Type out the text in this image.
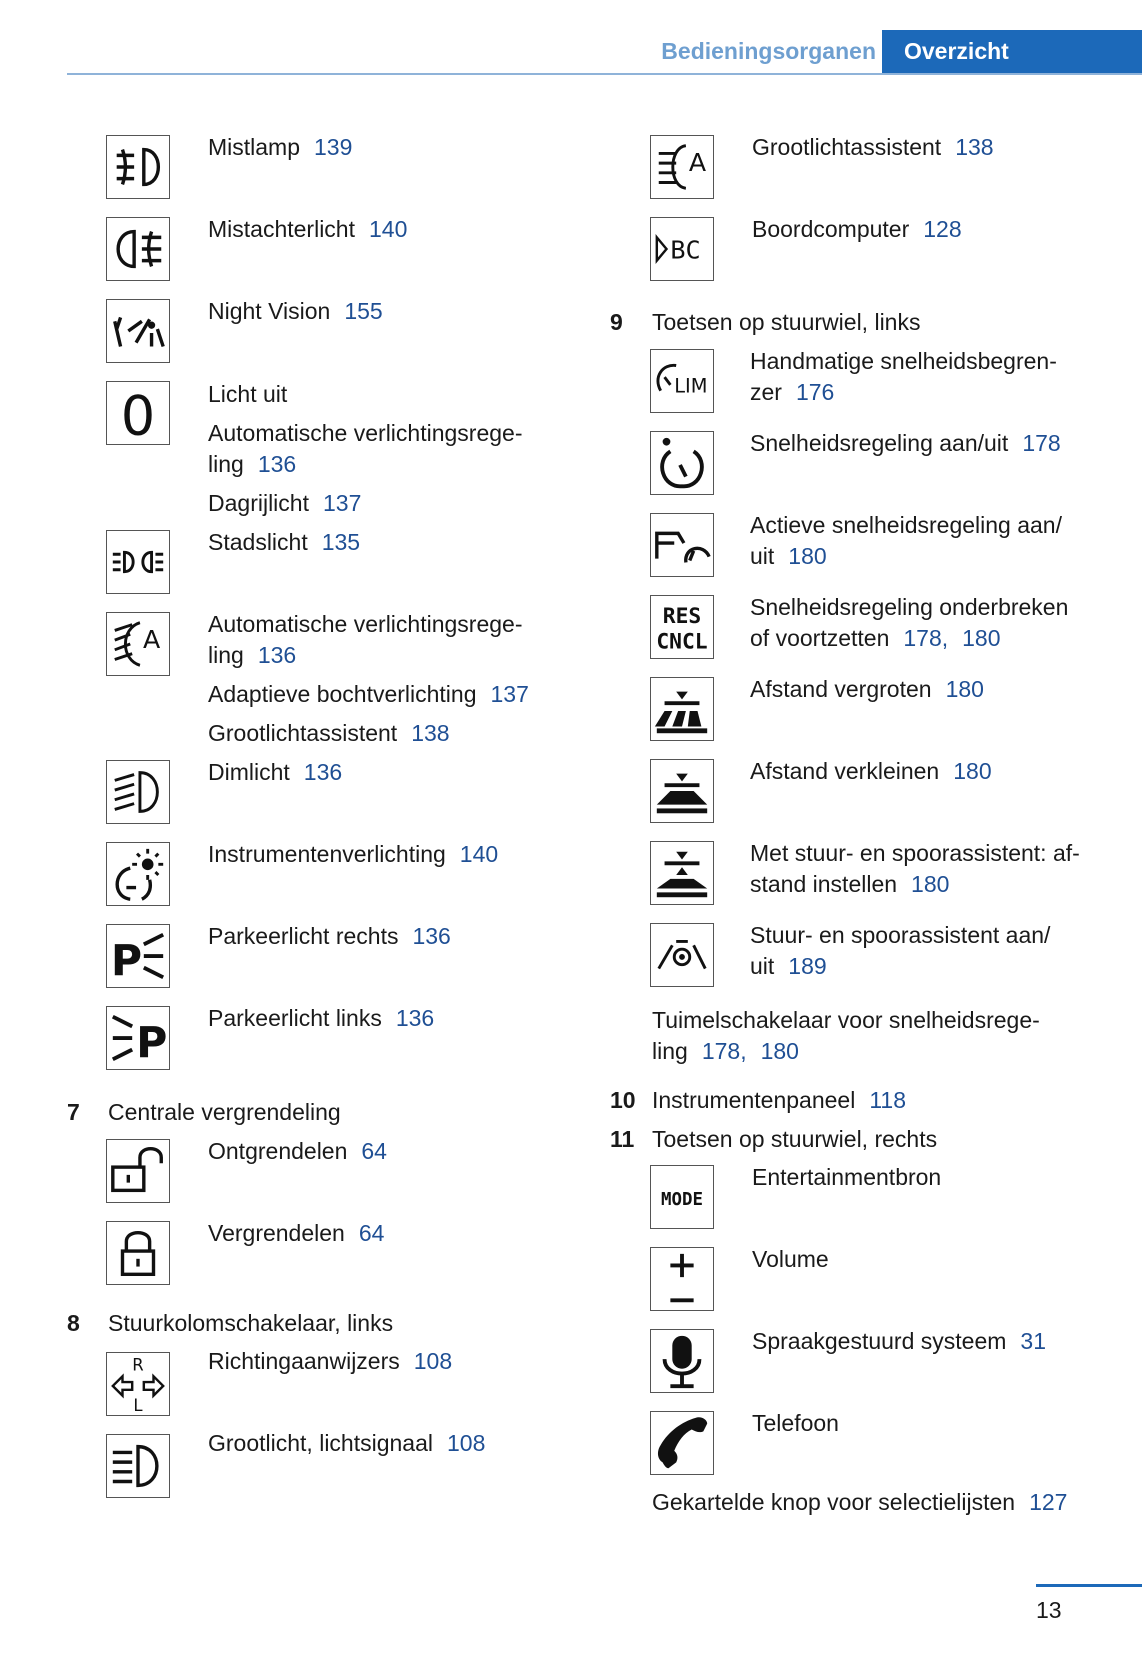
Bedieningsorganen Overzicht
Mistlamp 139
Mistachterlicht 140
Night Vision 155
0 Licht uit
Automatische verlichtingsrege-
ling 136
Dagrijlicht 137
Stadslicht 135
A
Automatische verlichtingsrege-
ling 136
Adaptieve bochtverlichting 137
Grootlichtassistent 138
Dimlicht 136
Instrumentenverlichting 140
P
Parkeerlicht rechts 136
P
Parkeerlicht links 136
7 Centrale vergrendeling
Ontgrendelen 64
Vergrendelen 64
8 Stuurkolomschakelaar, links
R
L
Richtingaanwijzers 108
Grootlicht, lichtsignaal 108
A
Grootlichtassistent 138
BC
Boordcomputer 128
9 Toetsen op stuurwiel, links
LIM
Handmatige snelheidsbegren-
zer 176
Snelheidsregeling aan/uit 178
Actieve snelheidsregeling aan/
uit 180
RES
CNCL
Snelheidsregeling onderbreken
of voortzetten 178, 180
Afstand vergroten 180
Afstand verkleinen 180
Met stuur- en spoorassistent: af-
stand instellen 180
Stuur- en spoorassistent aan/
uit 189
Tuimelschakelaar voor snelheidsrege-
ling 178, 180
10 Instrumentenpaneel 118
11 Toetsen op stuurwiel, rechts
MODE
Entertainmentbron
Volume
Spraakgestuurd systeem 31
Telefoon
Gekartelde knop voor selectielijsten 127
13
